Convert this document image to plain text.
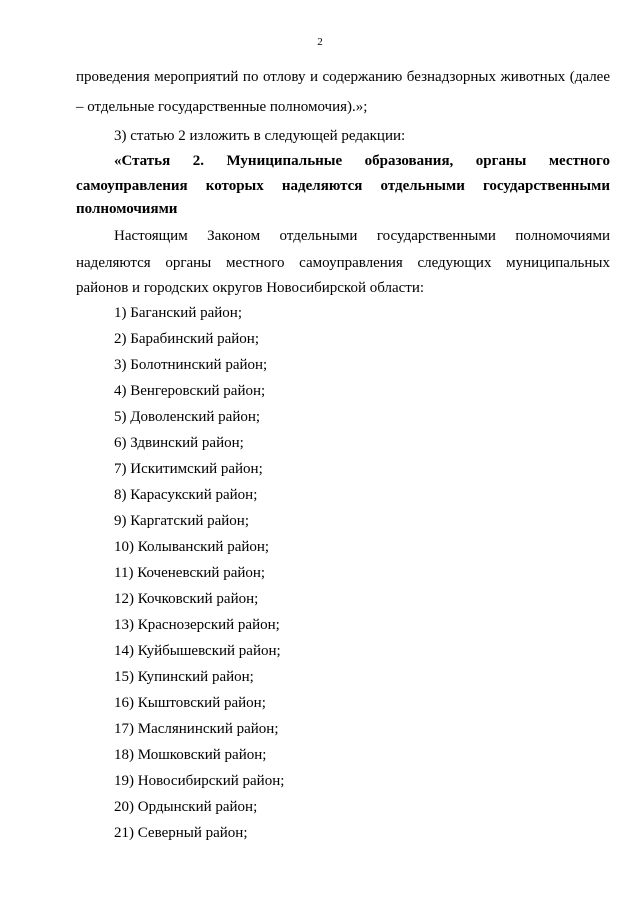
2
проведения мероприятий по отлову и содержанию безнадзорных животных (далее
– отдельные государственные полномочия).»;
3) статью 2 изложить в следующей редакции:
«Статья 2. Муниципальные образования, органы местного
самоуправления которых наделяются отдельными государственными
полномочиями
Настоящим Законом отдельными государственными полномочиями
наделяются органы местного самоуправления следующих муниципальных
районов и городских округов Новосибирской области:
1) Баганский район;
2) Барабинский район;
3) Болотнинский район;
4) Венгеровский район;
5) Доволенский район;
6) Здвинский район;
7) Искитимский район;
8) Карасукский район;
9) Каргатский район;
10) Колыванский район;
11) Коченевский район;
12) Кочковский район;
13) Краснозерский район;
14) Куйбышевский район;
15) Купинский район;
16) Кыштовский район;
17) Маслянинский район;
18) Мошковский район;
19) Новосибирский район;
20) Ордынский район;
21) Северный район;
